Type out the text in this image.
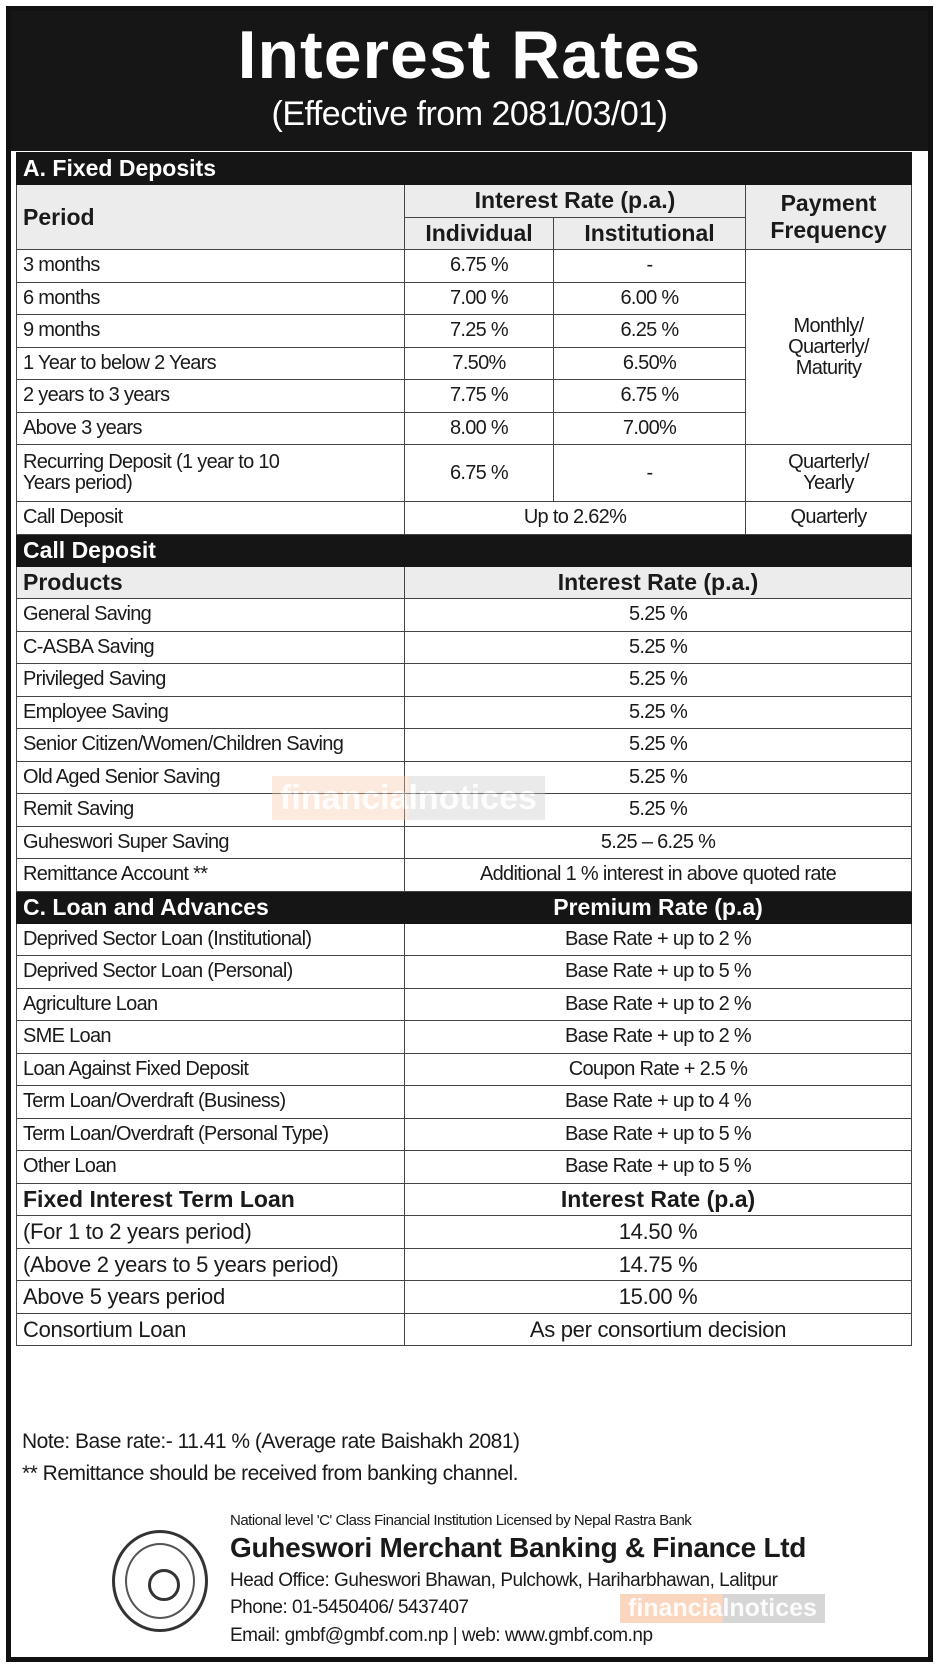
Interest Rates
(Effective from 2081/03/01)
A. Fixed Deposits			
Period	Interest Rate (p.a.)		Payment Frequency
	Individual	Institutional	
3 months	6.75 %	-	Monthly/ Quarterly/ Maturity
6 months	7.00 %	6.00 %	
9 months	7.25 %	6.25 %	
1 Year to below 2 Years	7.50%	6.50%	
2 years to 3 years	7.75 %	6.75 %	
Above 3 years	8.00 %	7.00%	
Recurring Deposit (1 year to 10 Years period)	6.75 %	-	Quarterly/ Yearly
Call Deposit	Up to 2.62%		Quarterly
Call Deposit			
Products	Interest Rate (p.a.)		
General Saving	5.25 %		
C-ASBA Saving	5.25 %		
Privileged Saving	5.25 %		
Employee Saving	5.25 %		
Senior Citizen/Women/Children Saving	5.25 %		
Old Aged Senior Saving	5.25 %		
Remit Saving	5.25 %		
Guheswori Super Saving	5.25 – 6.25 %		
Remittance Account **	Additional 1 % interest in above quoted rate		
C. Loan and Advances	Premium Rate (p.a)		
Deprived Sector Loan (Institutional)	Base Rate + up to 2 %		
Deprived Sector Loan (Personal)	Base Rate + up to 5 %		
Agriculture Loan	Base Rate + up to 2 %		
SME Loan	Base Rate + up to 2 %		
Loan Against Fixed Deposit	Coupon Rate + 2.5 %		
Term Loan/Overdraft (Business)	Base Rate + up to 4 %		
Term Loan/Overdraft (Personal Type)	Base Rate + up to 5 %		
Other Loan	Base Rate + up to 5 %		
Fixed Interest Term Loan	Interest Rate (p.a)		
(For 1 to 2 years period)	14.50 %		
(Above 2 years to 5 years period)	14.75 %		
Above 5 years period	15.00 %		
Consortium Loan	As per consortium decision		
Note: Base rate:- 11.41 % (Average rate Baishakh 2081)
** Remittance should be received from banking channel.
National level 'C' Class Financial Institution Licensed by Nepal Rastra Bank
Guheswori Merchant Banking & Finance Ltd
Head Office: Guheswori Bhawan, Pulchowk, Hariharbhawan, Lalitpur
Phone: 01-5450406/ 5437407
Email: gmbf@gmbf.com.np | web: www.gmbf.com.np
financialnotices
financialnotices
